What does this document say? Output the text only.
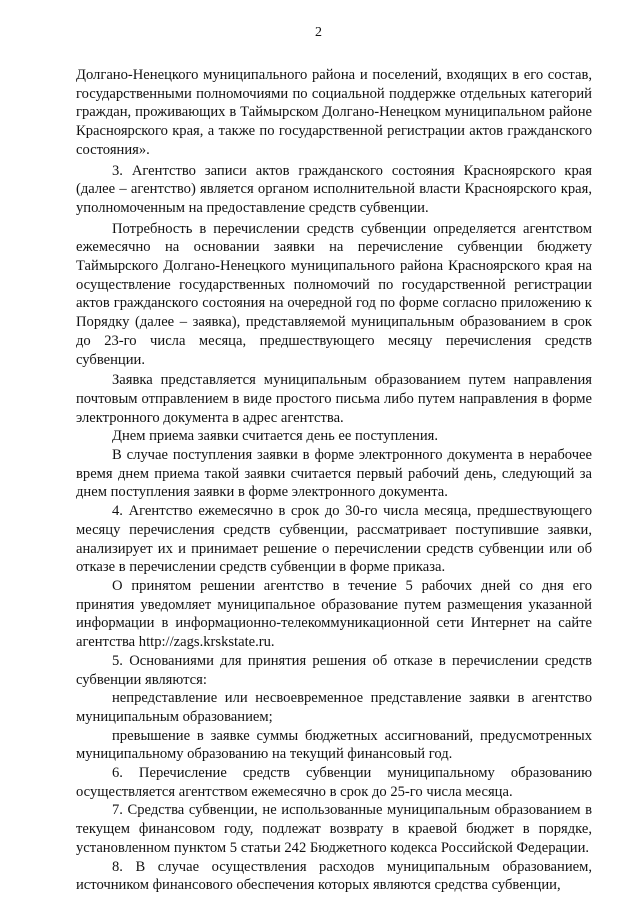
2

Долгано-Ненецкого муниципального района и поселений, входящих в его состав, государственными полномочиями по социальной поддержке отдельных категорий граждан, проживающих в Таймырском Долгано-Ненецком муниципальном районе Красноярского края, а также по государственной регистрации актов гражданского состояния».

3. Агентство записи актов гражданского состояния Красноярского края (далее – агентство) является органом исполнительной власти Красноярского края, уполномоченным на предоставление средств субвенции.

Потребность в перечислении средств субвенции определяется агентством ежемесячно на основании заявки на перечисление субвенции бюджету Таймырского Долгано-Ненецкого муниципального района Красноярского края на осуществление государственных полномочий по государственной регистрации актов гражданского состояния на очередной год по форме согласно приложению к Порядку (далее – заявка), представляемой муниципальным образованием в срок до 23-го числа месяца, предшествующего месяцу перечисления средств субвенции.

Заявка представляется муниципальным образованием путем направления почтовым отправлением в виде простого письма либо путем направления в форме электронного документа в адрес агентства.

Днем приема заявки считается день ее поступления.

В случае поступления заявки в форме электронного документа в нерабочее время днем приема такой заявки считается первый рабочий день, следующий за днем поступления заявки в форме электронного документа.

4. Агентство ежемесячно в срок до 30-го числа месяца, предшествующего месяцу перечисления средств субвенции, рассматривает поступившие заявки, анализирует их и принимает решение о перечислении средств субвенции или об отказе в перечислении средств субвенции в форме приказа.

О принятом решении агентство в течение 5 рабочих дней со дня его принятия уведомляет муниципальное образование путем размещения указанной информации в информационно-телекоммуникационной сети Интернет на сайте агентства http://zags.krskstate.ru.

5. Основаниями для принятия решения об отказе в перечислении средств субвенции являются:

непредставление или несвоевременное представление заявки в агентство муниципальным образованием;

превышение в заявке суммы бюджетных ассигнований, предусмотренных муниципальному образованию на текущий финансовый год.

6. Перечисление средств субвенции муниципальному образованию осуществляется агентством ежемесячно в срок до 25-го числа месяца.

7. Средства субвенции, не использованные муниципальным образованием в текущем финансовом году, подлежат возврату в краевой бюджет в порядке, установленном пунктом 5 статьи 242 Бюджетного кодекса Российской Федерации.

8. В случае осуществления расходов муниципальным образованием, источником финансового обеспечения которых являются средства субвенции,
